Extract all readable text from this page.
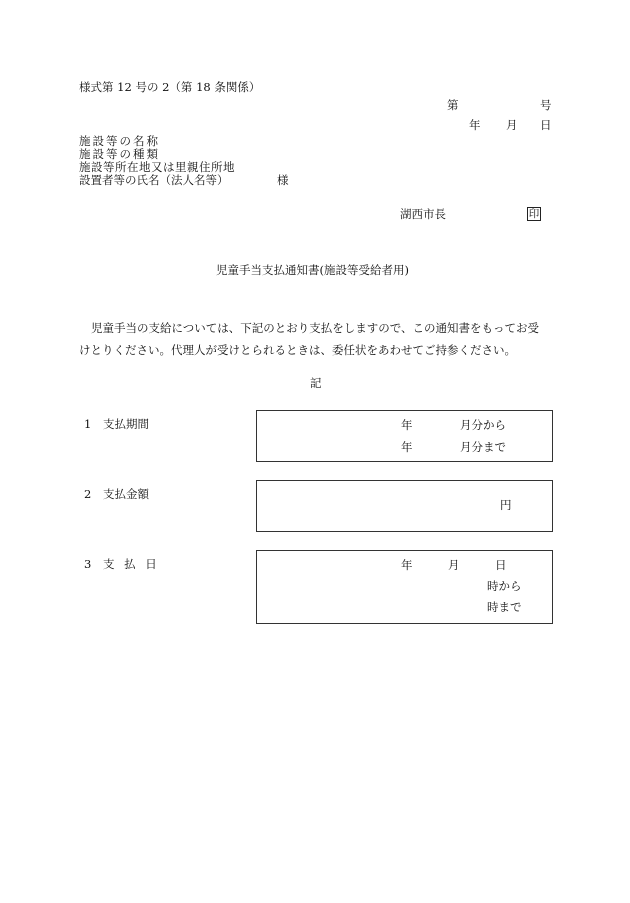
様式第 12 号の 2（第 18 条関係）
第	号
年 月 日
施設等の名称
施設等の種類
施設等所在地又は里親住所地
設置者等の氏名（法人名等）	様
湖西市長	印
児童手当支払通知書(施設等受給者用)
児童手当の支給については、下記のとおり支払をしますので、この通知書をもってお受
けとりください。代理人が受けとられるときは、委任状をあわせてご持参ください。
記
1 支払期間	年	月分から
年	月分まで
2 支払金額
円
3 支 払 日	年	月	日
時から
時まで
